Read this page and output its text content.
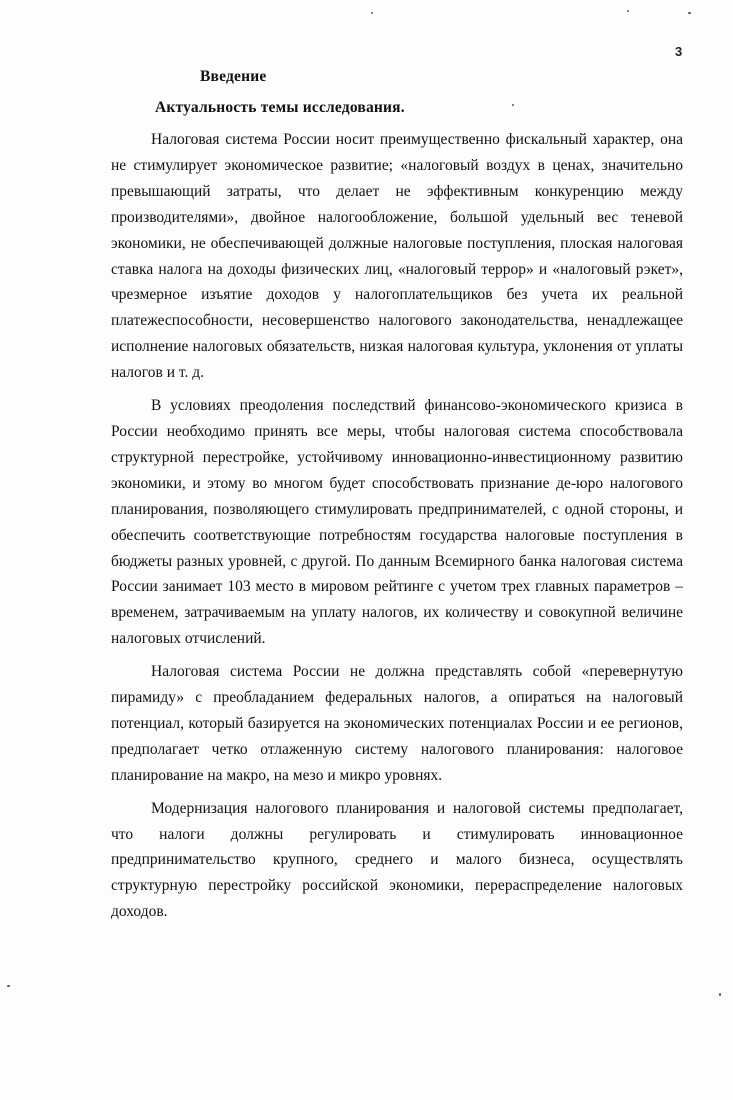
3
Введение
Актуальность темы исследования.

Налоговая система России носит преимущественно фискальный характер, она не стимулирует экономическое развитие; «налоговый воздух в ценах, значительно превышающий затраты, что делает не эффективным конкуренцию между производителями», двойное налогообложение, большой удельный вес теневой экономики, не обеспечивающей должные налоговые поступления, плоская налоговая ставка налога на доходы физических лиц, «налоговый террор» и «налоговый рэкет», чрезмерное изъятие доходов у налогоплательщиков без учета их реальной платежеспособности, несовершенство налогового законодательства, ненадлежащее исполнение налоговых обязательств, низкая налоговая культура, уклонения от уплаты налогов и т. д.

В условиях преодоления последствий финансово-экономического кризиса в России необходимо принять все меры, чтобы налоговая система способствовала структурной перестройке, устойчивому инновационно-инвестиционному развитию экономики, и этому во многом будет способствовать признание де-юро налогового планирования, позволяющего стимулировать предпринимателей, с одной стороны, и обеспечить соответствующие потребностям государства налоговые поступления в бюджеты разных уровней, с другой. По данным Всемирного банка налоговая система России занимает 103 место в мировом рейтинге с учетом трех главных параметров – временем, затрачиваемым на уплату налогов, их количеству и совокупной величине налоговых отчислений.

Налоговая система России не должна представлять собой «перевернутую пирамиду» с преобладанием федеральных налогов, а опираться на налоговый потенциал, который базируется на экономических потенциалах России и ее регионов, предполагает четко отлаженную систему налогового планирования: налоговое планирование на макро, на мезо и микро уровнях.

Модернизация налогового планирования и налоговой системы предполагает, что налоги должны регулировать и стимулировать инновационное предпринимательство крупного, среднего и малого бизнеса, осуществлять структурную перестройку российской экономики, перераспределение налоговых доходов.
